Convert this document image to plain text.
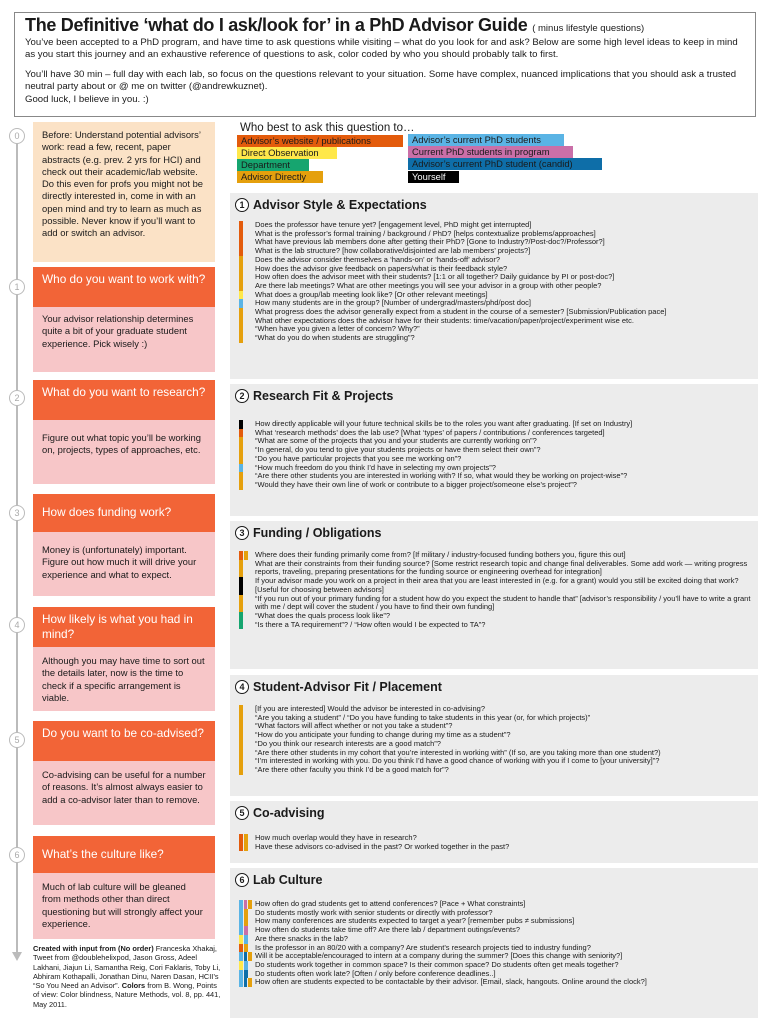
The Definitive ‘what do I ask/look for’ in a PhD Advisor Guide ( minus lifestyle questions)

You’ve been accepted to a PhD program, and have time to ask questions while visiting – what do you look for and ask? Below are some high level ideas to keep in mind as you start this journey and an exhaustive reference of questions to ask, color coded by who you should probably talk to first.

You’ll have 30 min – full day with each lab, so focus on the questions relevant to your situation. Some have complex, nuanced implications that you should ask a trusted neutral party about or @ me on twitter (@andrewkuznet).

Good luck, I believe in you. :)

0
1
2
3
4
5
6
Before: Understand potential advisors’ work: read a few, recent, paper abstracts (e.g. prev. 2 yrs for HCI) and check out their academic/lab website. Do this even for profs you might not be directly interested in, come in with an open mind and try to learn as much as possible. Never know if you’ll want to add or switch an advisor.
Who do you want to work with?
Your advisor relationship determines quite a bit of your graduate student experience. Pick wisely :)
What do you want to research?
Figure out what topic you’ll be working on, projects, types of approaches, etc.
How does funding work?
Money is (unfortunately) important. Figure out how much it will drive your experience and what to expect.
How likely is what you had in mind?
Although you may have time to sort out the details later, now is the time to check if a specific arrangement is viable.
Do you want to be co-advised?
Co-advising can be useful for a number of reasons. It’s almost always easier to add a co-advisor later than to remove.
What’s the culture like?
Much of lab culture will be gleaned from methods other than direct questioning but will strongly affect your experience.
Created with input from (No order) Franceska Xhakaj, Tweet from @doublehelixpod, Jason Gross, Adeel Lakhani, Jiajun Li, Samantha Reig, Cori Faklaris, Toby Li, Abhiram Kothapalli, Jonathan Dinu, Naren Dasan, HCII’s “So You Need an Advisor”. Colors from B. Wong, Points of view: Color blindness, Nature Methods, vol. 8, pp. 441, May 2011.
Who best to ask this question to…
Advisor’s website / publications
Direct Observation
Department
Advisor Directly
Advisor’s current PhD students
Current PhD students in program
Advisor’s current PhD student (candid)
Yourself
1 Advisor Style & Expectations
Does the professor have tenure yet? [engagement level, PhD might get interrupted]
What is the professor’s formal training / background / PhD? [helps contextualize problems/approaches]
What have previous lab members done after getting their PhD? [Gone to Industry?/Post-doc?/Professor?]
What is the lab structure? [how collaborative/disjointed are lab members’ projects?]
Does the advisor consider themselves a ‘hands-on’ or ‘hands-off’ advisor?
How does the advisor give feedback on papers/what is their feedback style?
How often does the advisor meet with their students? [1:1 or all together? Daily guidance by PI or post-doc?]
Are there lab meetings? What are other meetings you will see your advisor in a group with other people?
What does a group/lab meeting look like? [Or other relevant meetings]
How many students are in the group? [Number of undergrad/masters/phd/post doc]
What progress does the advisor generally expect from a student in the course of a semester? [Submission/Publication pace]
What other expectations does the advisor have for their students: time/vacation/paper/project/experiment wise etc.
“When have you given a letter of concern? Why?”
“What do you do when students are struggling”?
2 Research Fit & Projects
How directly applicable will your future technical skills be to the roles you want after graduating. [If set on Industry]
What ‘research methods’ does the lab use? [What ‘types’ of papers / contributions / conferences targeted]
“What are some of the projects that you and your students are currently working on”?
“In general, do you tend to give your students projects or have them select their own”?
“Do you have particular projects that you see me working on”?
“How much freedom do you think I’d have in selecting my own projects”?
“Are there other students you are interested in working with? If so, what would they be working on project-wise”?
“Would they have their own line of work or contribute to a bigger project/someone else’s project”?
3 Funding / Obligations
Where does their funding primarily come from? [If military / industry-focused funding bothers you, figure this out]
What are their constraints from their funding source? [Some restrict research topic and change final deliverables. Some add work — writing progress reports, traveling, preparing presentations for the funding source or engineering overhead for integration]
If your advisor made you work on a project in their area that you are least interested in (e.g. for a grant) would you still be excited doing that work? [Useful for choosing between advisors]
“If you run out of your primary funding for a student how do you expect the student to handle that” [advisor’s responsibility / you’ll have to write a grant with me / dept will cover the student / you have to find their own funding]
“What does the quals process look like”?
“Is there a TA requirement”? / “How often would I be expected to TA”?
4 Student-Advisor Fit / Placement
[If you are interested] Would the advisor be interested in co-advising?
“Are you taking a student” / “Do you have funding to take students in this year (or, for which projects)”
“What factors will affect whether or not you take a student”?
“How do you anticipate your funding to change during my time as a student”?
“Do you think our research interests are a good match”?
“Are there other students in my cohort that you’re interested in working with” (If so, are you taking more than one student?)
“I’m interested in working with you. Do you think I’d have a good chance of working with you if I come to [your university]”?
“Are there other faculty you think I’d be a good match for”?
5 Co-advising
How much overlap would they have in research?
Have these advisors co-advised in the past? Or worked together in the past?
6 Lab Culture
How often do grad students get to attend conferences? [Pace + What constraints]
Do students mostly work with senior students or directly with professor?
How many conferences are students expected to target a year? [remember pubs ≠ submissions]
How often do students take time off? Are there lab / department outings/events?
Are there snacks in the lab?
Is the professor in an 80/20 with a company? Are student’s research projects tied to industry funding?
Will it be acceptable/encouraged to intern at a company during the summer? [Does this change with seniority?]
Do students work together in common space? Is their common space? Do students often get meals together?
Do students often work late? [Often / only before conference deadlines..]
How often are students expected to be contactable by their advisor. [Email, slack, hangouts. Online around the clock?]
